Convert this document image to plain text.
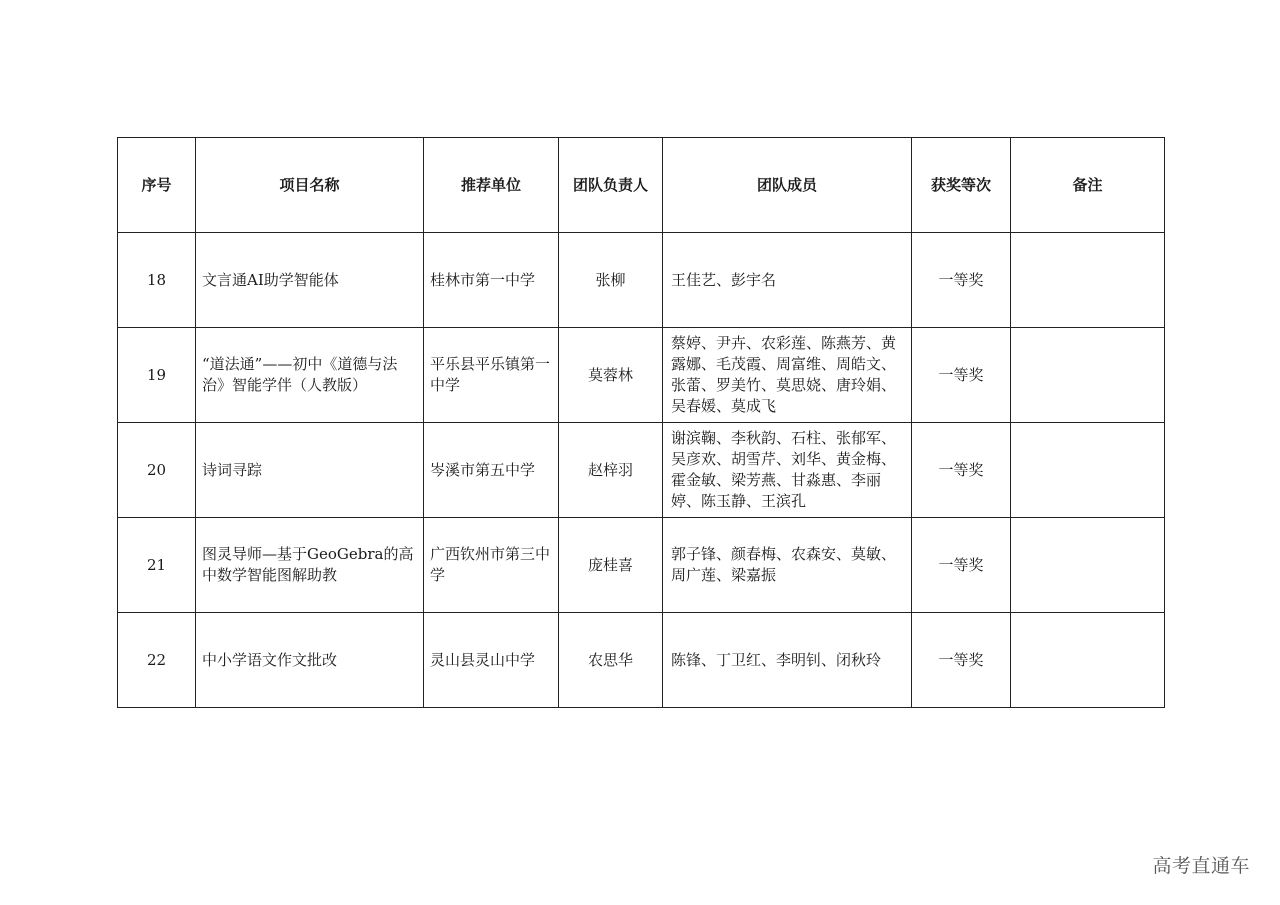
序号	项目名称	推荐单位	团队负责人	团队成员	获奖等次	备注
18	文言通AI助学智能体	桂林市第一中学	张柳	王佳艺、彭宇名	一等奖	
19	“道法通”——初中《道德与法治》智能学伴（人教版）	平乐县平乐镇第一中学	莫蓉林	蔡婷、尹卉、农彩莲、陈燕芳、黄露娜、毛茂霞、周富维、周皓文、张蕾、罗美竹、莫思娆、唐玲娟、吴春媛、莫成飞	一等奖	
20	诗词寻踪	岑溪市第五中学	赵梓羽	谢滨鞠、李秋韵、石柱、张郁军、吴彦欢、胡雪芹、刘华、黄金梅、霍金敏、梁芳燕、甘淼惠、李丽婷、陈玉静、王滨孔	一等奖	
21	图灵导师—基于GeoGebra的高中数学智能图解助教	广西钦州市第三中学	庞桂喜	郭子锋、颜春梅、农森安、莫敏、周广莲、梁嘉振	一等奖	
22	中小学语文作文批改	灵山县灵山中学	农思华	陈锋、丁卫红、李明钊、闭秋玲	一等奖	
高考直通车
